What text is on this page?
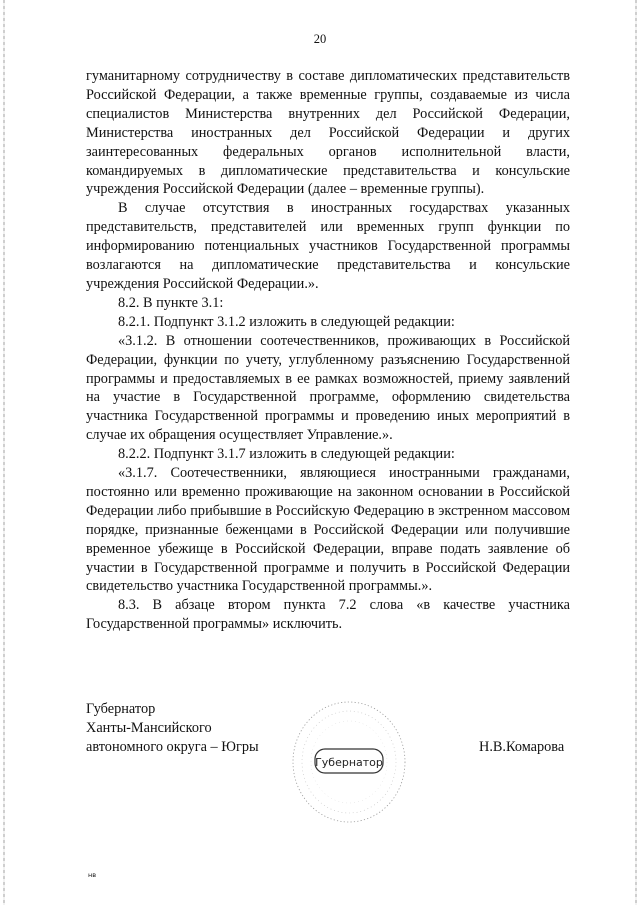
20

гуманитарному сотрудничеству в составе дипломатических представительств Российской Федерации, а также временные группы, создаваемые из числа специалистов Министерства внутренних дел Российской Федерации, Министерства иностранных дел Российской Федерации и других заинтересованных федеральных органов исполнительной власти, командируемых в дипломатические представительства и консульские учреждения Российской Федерации (далее – временные группы).

В случае отсутствия в иностранных государствах указанных представительств, представителей или временных групп функции по информированию потенциальных участников Государственной программы возлагаются на дипломатические представительства и консульские учреждения Российской Федерации.».

8.2. В пункте 3.1:

8.2.1. Подпункт 3.1.2 изложить в следующей редакции:

«3.1.2. В отношении соотечественников, проживающих в Российской Федерации, функции по учету, углубленному разъяснению Государственной программы и предоставляемых в ее рамках возможностей, приему заявлений на участие в Государственной программе, оформлению свидетельства участника Государственной программы и проведению иных мероприятий в случае их обращения осуществляет Управление.».

8.2.2. Подпункт 3.1.7 изложить в следующей редакции:

«3.1.7. Соотечественники, являющиеся иностранными гражданами, постоянно или временно проживающие на законном основании в Российской Федерации либо прибывшие в Российскую Федерацию в экстренном массовом порядке, признанные беженцами в Российской Федерации или получившие временное убежище в Российской Федерации, вправе подать заявление об участии в Государственной программе и получить в Российской Федерации свидетельство участника Государственной программы.».

8.3. В абзаце втором пункта 7.2 слова «в качестве участника Государственной программы» исключить.

Губернатор
Ханты-Мансийского
автономного округа – Югры	Н.В.Комарова
Губернатор
нв
